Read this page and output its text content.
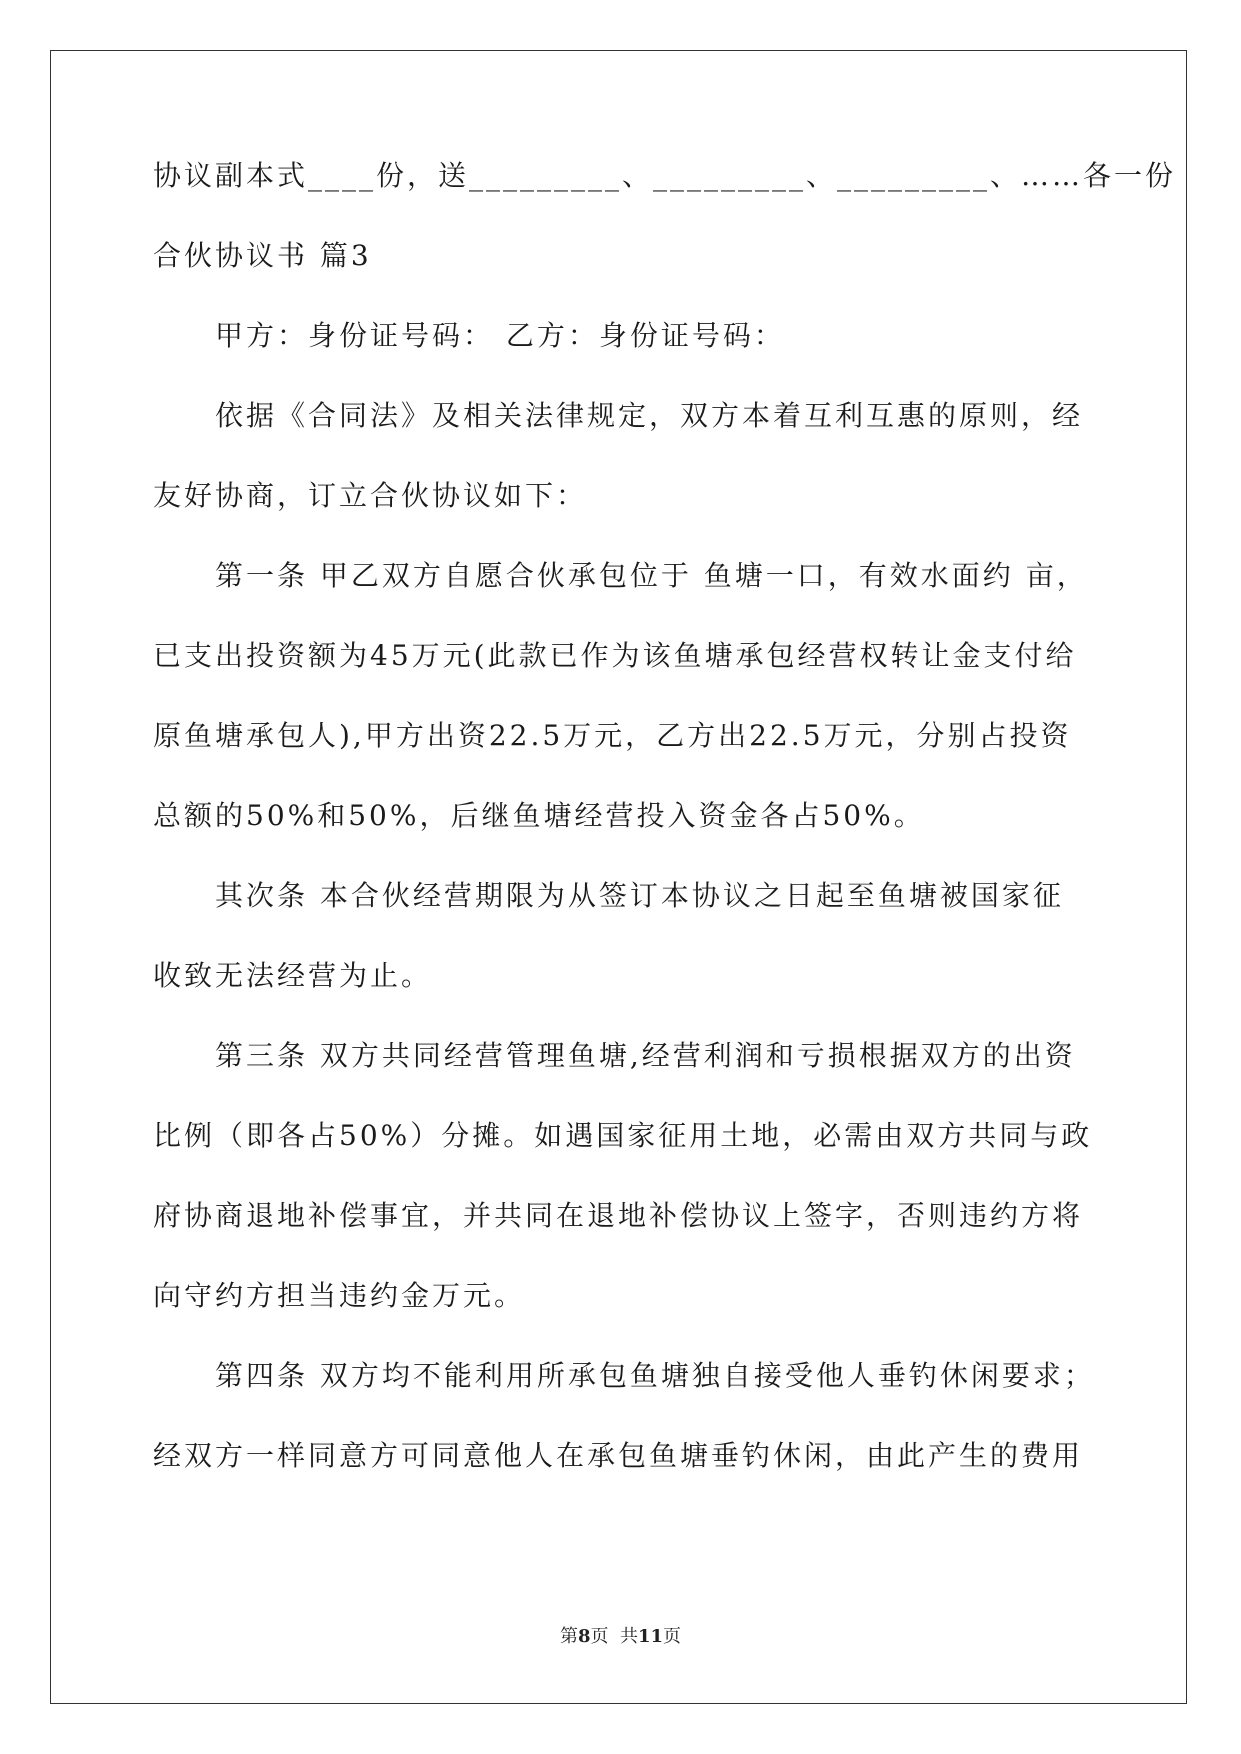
协议副本式____份，送_________、_________、_________、……各一份
合伙协议书 篇3
甲方：身份证号码： 乙方：身份证号码：
依据《合同法》及相关法律规定，双方本着互利互惠的原则，经
友好协商，订立合伙协议如下：
第一条 甲乙双方自愿合伙承包位于 鱼塘一口，有效水面约 亩，
已支出投资额为45万元(此款已作为该鱼塘承包经营权转让金支付给
原鱼塘承包人),甲方出资22.5万元，乙方出22.5万元，分别占投资
总额的50%和50%，后继鱼塘经营投入资金各占50%。
其次条 本合伙经营期限为从签订本协议之日起至鱼塘被国家征
收致无法经营为止。
第三条 双方共同经营管理鱼塘,经营利润和亏损根据双方的出资
比例（即各占50%）分摊。如遇国家征用土地，必需由双方共同与政
府协商退地补偿事宜，并共同在退地补偿协议上签字，否则违约方将
向守约方担当违约金万元。
第四条 双方均不能利用所承包鱼塘独自接受他人垂钓休闲要求；
经双方一样同意方可同意他人在承包鱼塘垂钓休闲，由此产生的费用
第8页  共11页
